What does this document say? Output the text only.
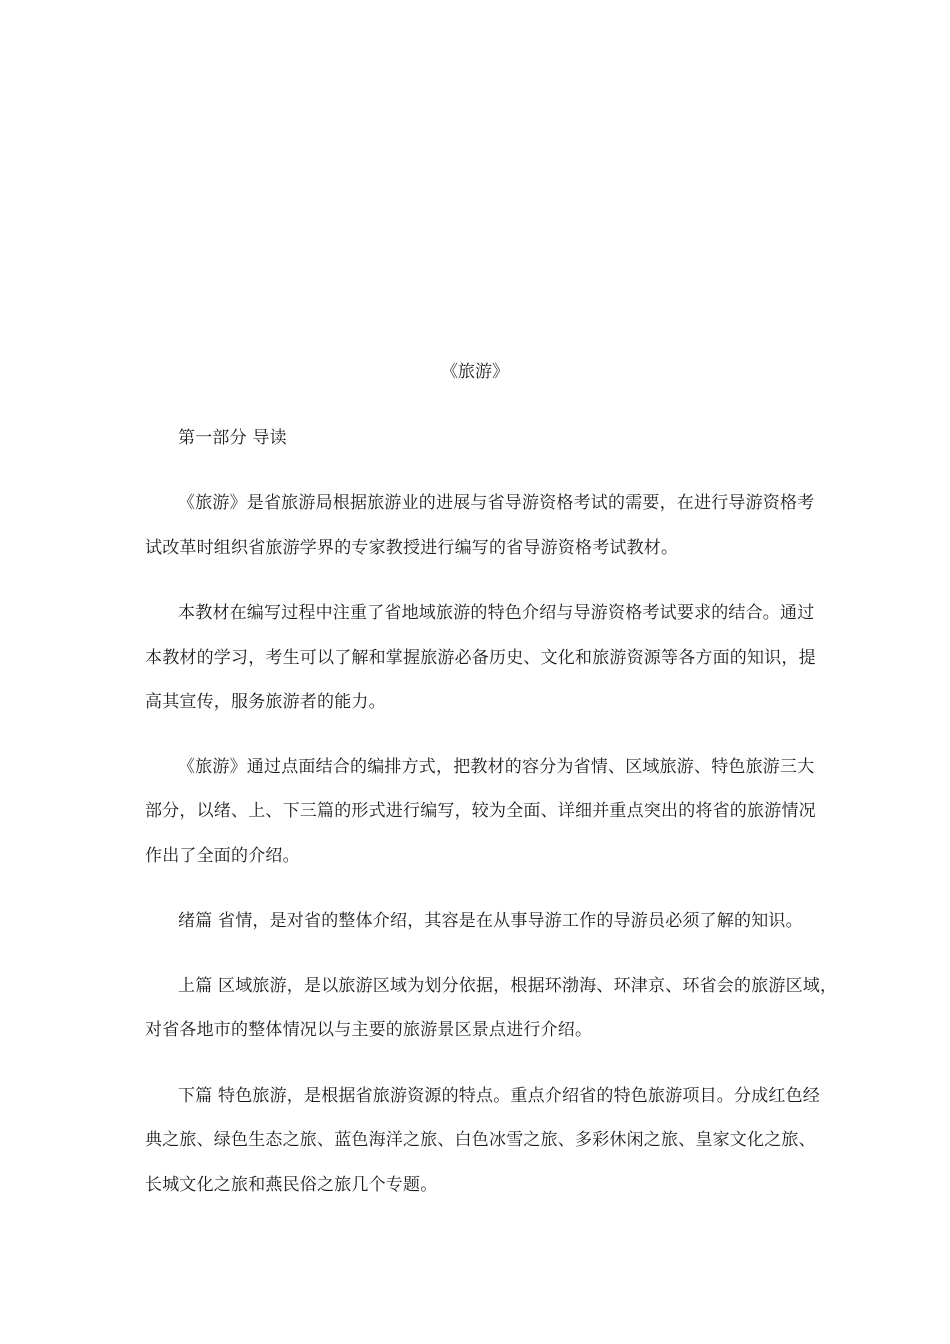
《旅游》
第一部分 导读
《旅游》是省旅游局根据旅游业的进展与省导游资格考试的需要，在进行导游资格考
试改革时组织省旅游学界的专家教授进行编写的省导游资格考试教材。
本教材在编写过程中注重了省地域旅游的特色介绍与导游资格考试要求的结合。通过
本教材的学习，考生可以了解和掌握旅游必备历史、文化和旅游资源等各方面的知识，提
高其宣传，服务旅游者的能力。
《旅游》通过点面结合的编排方式，把教材的容分为省情、区域旅游、特色旅游三大
部分，以绪、上、下三篇的形式进行编写，较为全面、详细并重点突出的将省的旅游情况
作出了全面的介绍。
绪篇 省情，是对省的整体介绍，其容是在从事导游工作的导游员必须了解的知识。
上篇 区域旅游，是以旅游区域为划分依据，根据环渤海、环津京、环省会的旅游区域，
对省各地市的整体情况以与主要的旅游景区景点进行介绍。
下篇 特色旅游，是根据省旅游资源的特点。重点介绍省的特色旅游项目。分成红色经
典之旅、绿色生态之旅、蓝色海洋之旅、白色冰雪之旅、多彩休闲之旅、皇家文化之旅、
长城文化之旅和燕民俗之旅几个专题。
